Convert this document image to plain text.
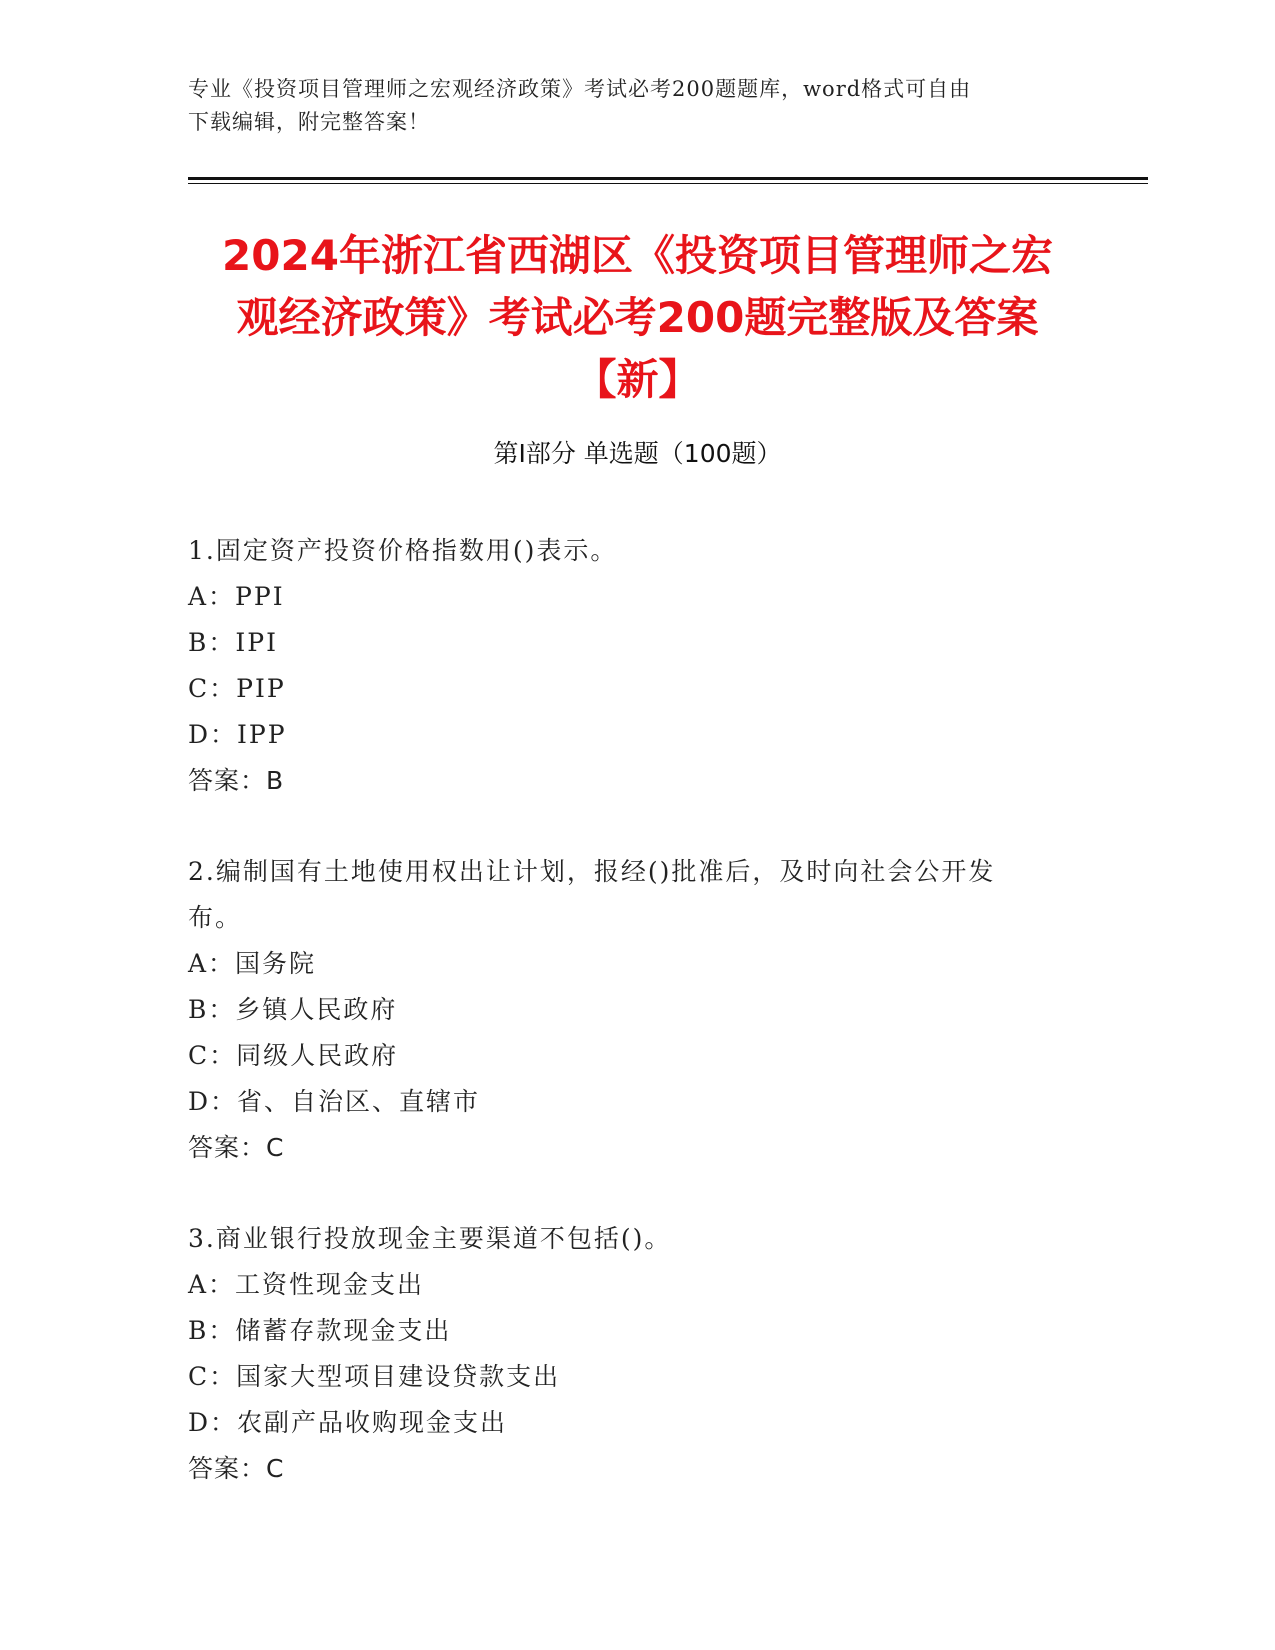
专业《投资项目管理师之宏观经济政策》考试必考200题题库，word格式可自由
下载编辑，附完整答案！
2024年浙江省西湖区《投资项目管理师之宏
观经济政策》考试必考200题完整版及答案
【新】
第Ⅰ部分 单选题（100题）

1.固定资产投资价格指数用()表示。

A：PPI

B：IPI

C：PIP

D：IPP

答案：B

2.编制国有土地使用权出让计划，报经()批准后，及时向社会公开发

布。

A：国务院

B：乡镇人民政府

C：同级人民政府

D：省、自治区、直辖市

答案：C

3.商业银行投放现金主要渠道不包括()。

A：工资性现金支出

B：储蓄存款现金支出

C：国家大型项目建设贷款支出

D：农副产品收购现金支出

答案：C
